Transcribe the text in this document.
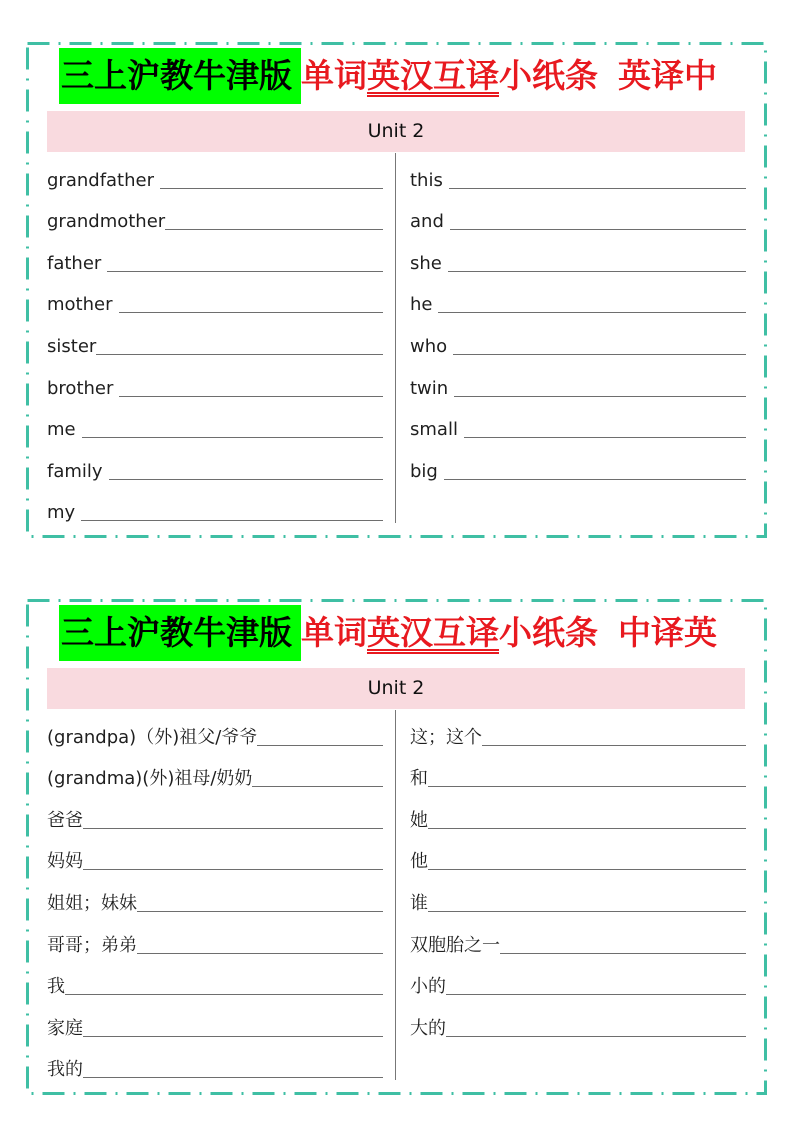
三上沪教牛津版 单词英汉互译小纸条 英译中
Unit 2
grandfather
grandmother
father
mother
sister
brother
me
family
my
this
and
she
he
who
twin
small
big
三上沪教牛津版 单词英汉互译小纸条 中译英
Unit 2
(grandpa)（外)祖父/爷爷
(grandma)(外)祖母/奶奶
爸爸
妈妈
姐姐；妹妹
哥哥；弟弟
我
家庭
我的
这；这个
和
她
他
谁
双胞胎之一
小的
大的
